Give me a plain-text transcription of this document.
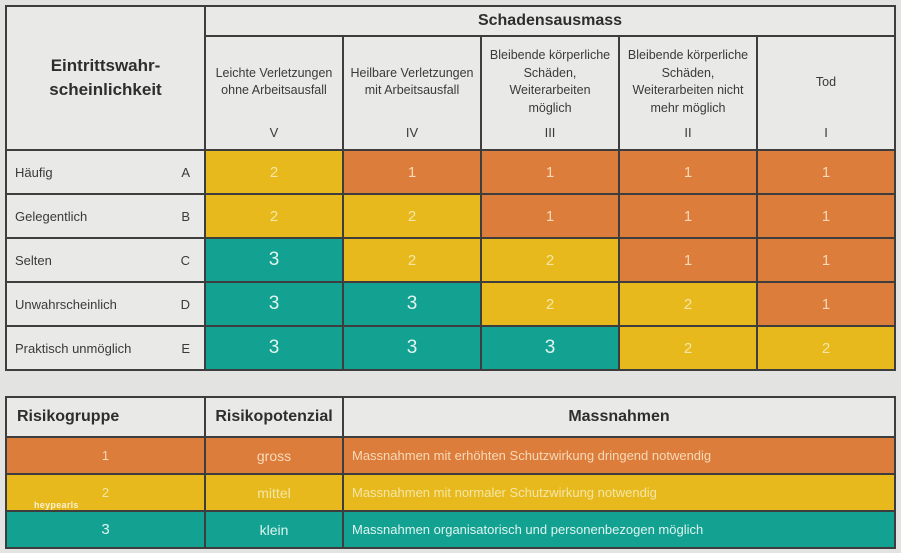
Eintrittswahr-
scheinlichkeit
Schadensausmass
Leichte Verletzungen ohne Arbeitsausfall
V
Heilbare Verletzungen mit Arbeitsausfall
IV
Bleibende körperliche Schäden, Weiterarbeiten möglich
III
Bleibende körperliche Schäden, Weiterarbeiten nicht mehr möglich
II
Tod
I
Häufig	A	2	1	1	1	1
Gelegentlich	B	2	2	1	1	1
Selten	C	3	2	2	1	1
Unwahrscheinlich	D	3	3	2	2	1
Praktisch unmöglich	E	3	3	3	2	2
Risikogruppe	Risikopotenzial	Massnahmen
1	gross	Massnahmen mit erhöhten Schutzwirkung dringend notwendig
2	mittel	Massnahmen mit normaler Schutzwirkung notwendig
3	klein	Massnahmen organisatorisch und personenbezogen möglich
heypearls
